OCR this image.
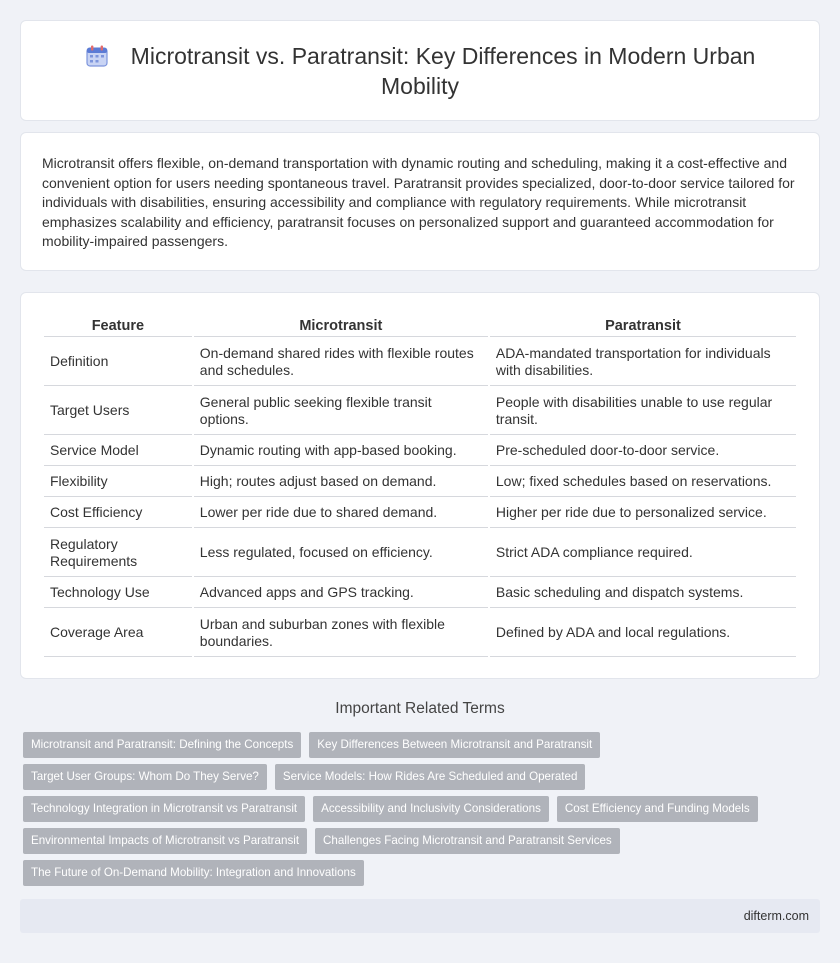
Microtransit vs. Paratransit: Key Differences in Modern Urban Mobility

Microtransit offers flexible, on-demand transportation with dynamic routing and scheduling, making it a cost-effective and convenient option for users needing spontaneous travel. Paratransit provides specialized, door-to-door service tailored for individuals with disabilities, ensuring accessibility and compliance with regulatory requirements. While microtransit emphasizes scalability and efficiency, paratransit focuses on personalized support and guaranteed accommodation for mobility-impaired passengers.

Feature	Microtransit	Paratransit
Definition	On-demand shared rides with flexible routes and schedules.	ADA-mandated transportation for individuals with disabilities.
Target Users	General public seeking flexible transit options.	People with disabilities unable to use regular transit.
Service Model	Dynamic routing with app-based booking.	Pre-scheduled door-to-door service.
Flexibility	High; routes adjust based on demand.	Low; fixed schedules based on reservations.
Cost Efficiency	Lower per ride due to shared demand.	Higher per ride due to personalized service.
Regulatory Requirements	Less regulated, focused on efficiency.	Strict ADA compliance required.
Technology Use	Advanced apps and GPS tracking.	Basic scheduling and dispatch systems.
Coverage Area	Urban and suburban zones with flexible boundaries.	Defined by ADA and local regulations.
Important Related Terms
Microtransit and Paratransit: Defining the Concepts	Key Differences Between Microtransit and Paratransit
Target User Groups: Whom Do They Serve?	Service Models: How Rides Are Scheduled and Operated
Technology Integration in Microtransit vs Paratransit	Accessibility and Inclusivity Considerations	Cost Efficiency and Funding Models
Environmental Impacts of Microtransit vs Paratransit	Challenges Facing Microtransit and Paratransit Services
The Future of On-Demand Mobility: Integration and Innovations
difterm.com
